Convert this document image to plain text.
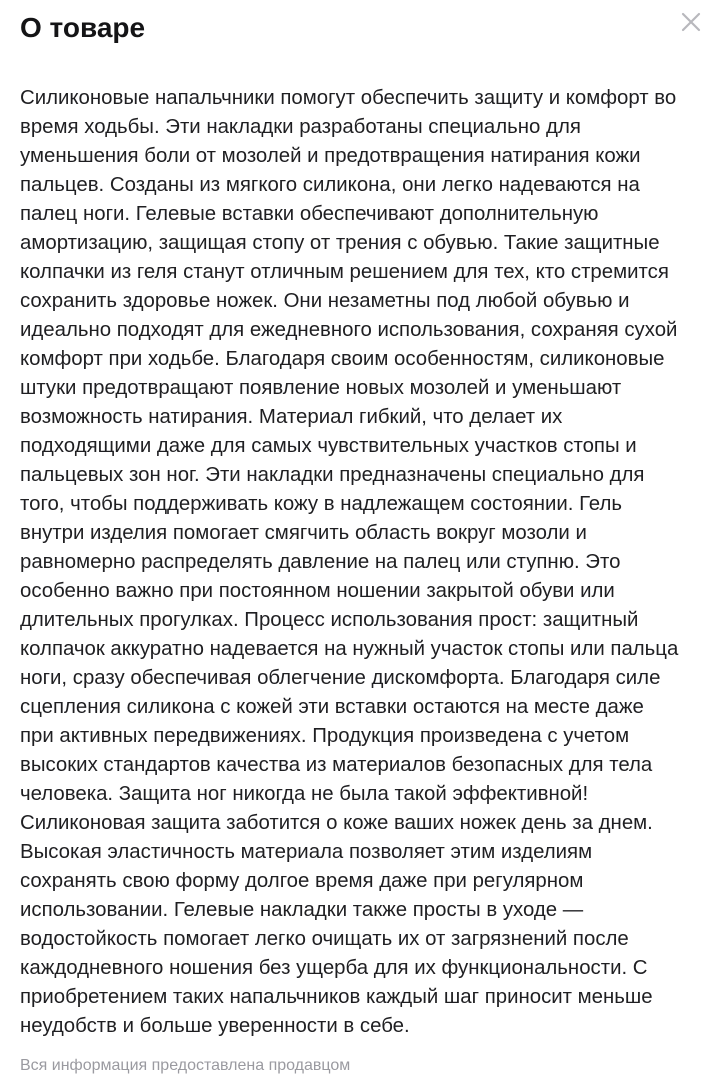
О товаре

Силиконовые напальчники помогут обеспечить защиту и комфорт во
время ходьбы. Эти накладки разработаны специально для
уменьшения боли от мозолей и предотвращения натирания кожи
пальцев. Созданы из мягкого силикона, они легко надеваются на
палец ноги. Гелевые вставки обеспечивают дополнительную
амортизацию, защищая стопу от трения с обувью. Такие защитные
колпачки из геля станут отличным решением для тех, кто стремится
сохранить здоровье ножек. Они незаметны под любой обувью и
идеально подходят для ежедневного использования, сохраняя сухой
комфорт при ходьбе. Благодаря своим особенностям, силиконовые
штуки предотвращают появление новых мозолей и уменьшают
возможность натирания. Материал гибкий, что делает их
подходящими даже для самых чувствительных участков стопы и
пальцевых зон ног. Эти накладки предназначены специально для
того, чтобы поддерживать кожу в надлежащем состоянии. Гель
внутри изделия помогает смягчить область вокруг мозоли и
равномерно распределять давление на палец или ступню. Это
особенно важно при постоянном ношении закрытой обуви или
длительных прогулках. Процесс использования прост: защитный
колпачок аккуратно надевается на нужный участок стопы или пальца
ноги, сразу обеспечивая облегчение дискомфорта. Благодаря силе
сцепления силикона с кожей эти вставки остаются на месте даже
при активных передвижениях. Продукция произведена с учетом
высоких стандартов качества из материалов безопасных для тела
человека. Защита ног никогда не была такой эффективной!
Силиконовая защита заботится о коже ваших ножек день за днем.
Высокая эластичность материала позволяет этим изделиям
сохранять свою форму долгое время даже при регулярном
использовании. Гелевые накладки также просты в уходе —
водостойкость помогает легко очищать их от загрязнений после
каждодневного ношения без ущерба для их функциональности. С
приобретением таких напальчников каждый шаг приносит меньше
неудобств и больше уверенности в себе.

Вся информация предоставлена продавцом
